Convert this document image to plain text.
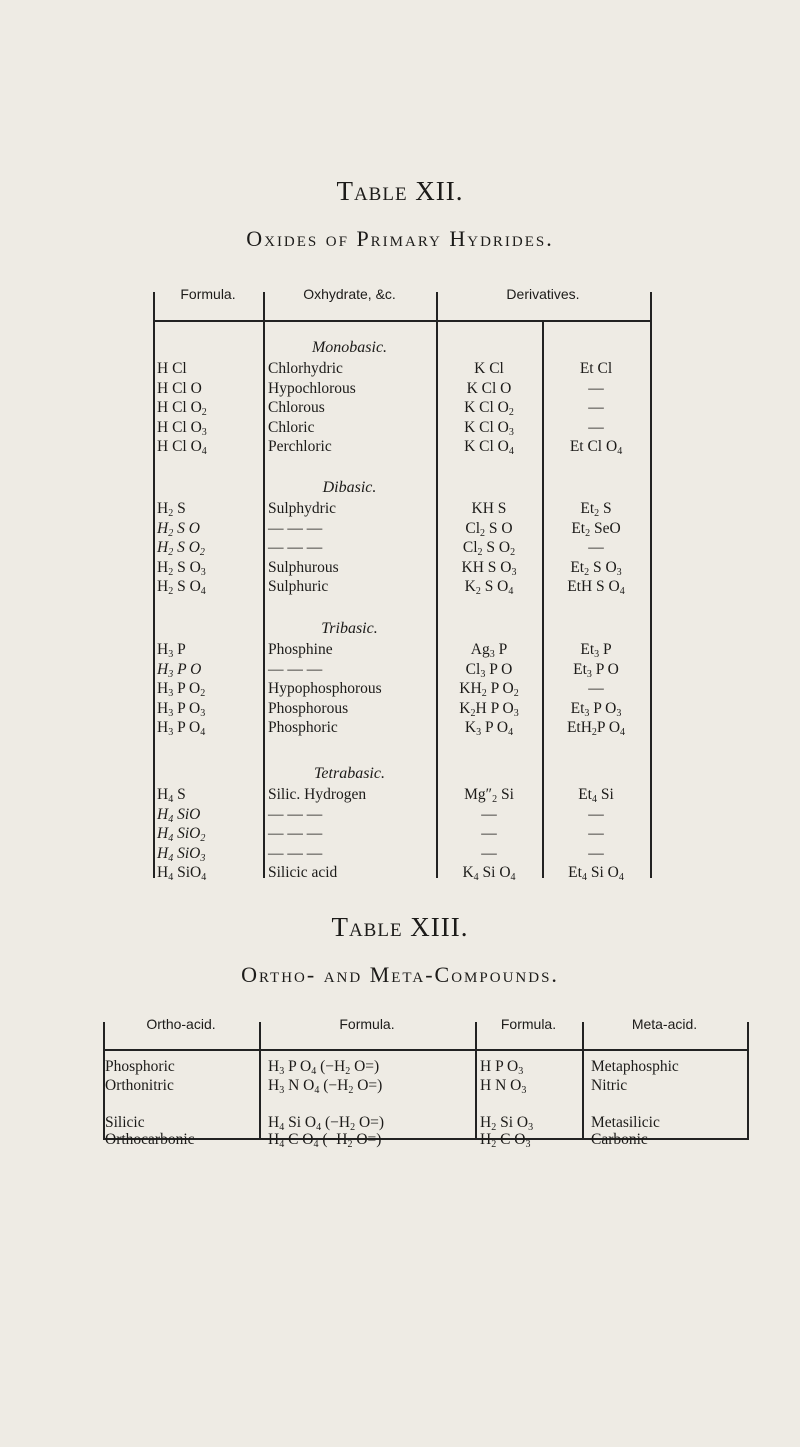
Table XII.
Oxides of Primary Hydrides.
Formula.	Oxhydrate, &c.	Derivatives.
Monobasic.
H Cl	Chlorhydric	K Cl	Et Cl
H Cl O	Hypochlorous	K Cl O	—
H Cl $O_2$	Chlorous	K Cl $O_2$	—
H Cl $O_3$	Chloric	K Cl $O_3$	—
H Cl $O_4$	Perchloric	K Cl $O_4$	Et Cl $O_4$
Dibasic.
$H_2$ S	Sulphydric	KH S	$Et_2$ S
$H_2$ S O	— — —	$Cl_2$ S O	$Et_2$ SeO
$H_2$ S $O_2$	— — —	$Cl_2$ S $O_2$	—
$H_2$ S $O_3$	Sulphurous	KH S $O_3$	$Et_2$ S $O_3$
$H_2$ S $O_4$	Sulphuric	$K_2$ S $O_4$	EtH S $O_4$
Tribasic.
$H_3$ P	Phosphine	$Ag_3$ P	$Et_3$ P
$H_3$ P O	— — —	$Cl_3$ P O	$Et_3$ P O
$H_3$ P $O_2$	Hypophosphorous	$KH_2$ P $O_2$	—
$H_3$ P $O_3$	Phosphorous	$K_2H$ P $O_3$	$Et_3$ P $O_3$
$H_3$ P $O_4$	Phosphoric	$K_3$ P $O_4$	EtH$_2$P $O_4$
Tetrabasic.
$H_4$ S	Silic. Hydrogen	$Mg''_2$ Si	$Et_4$ Si
$H_4$ SiO	— — —	—	—
$H_4$ SiO$_2$	— — —	—	—
$H_4$ SiO$_3$	— — —	—	—
$H_4$ SiO$_4$	Silicic acid	$K_4$ Si $O_4$	$Et_4$ Si $O_4$
Table XIII.
Ortho- and Meta-Compounds.
Ortho-acid.	Formula.	Formula.	Meta-acid.
Phosphoric	$H_3$ P $O_4$ ($-H_2$ O=)	H P $O_3$	Metaphosphic
Orthonitric	$H_3$ N $O_4$ ($-H_2$ O=)	H N $O_3$	Nitric
Silicic	$H_4$ Si $O_4$ ($-H_2$ O=)	$H_2$ Si $O_3$	Metasilicic
Orthocarbonic	$H_4$ C $O_4$ ($-H_2$ O=)	$H_2$ C $O_3$	Carbonic
